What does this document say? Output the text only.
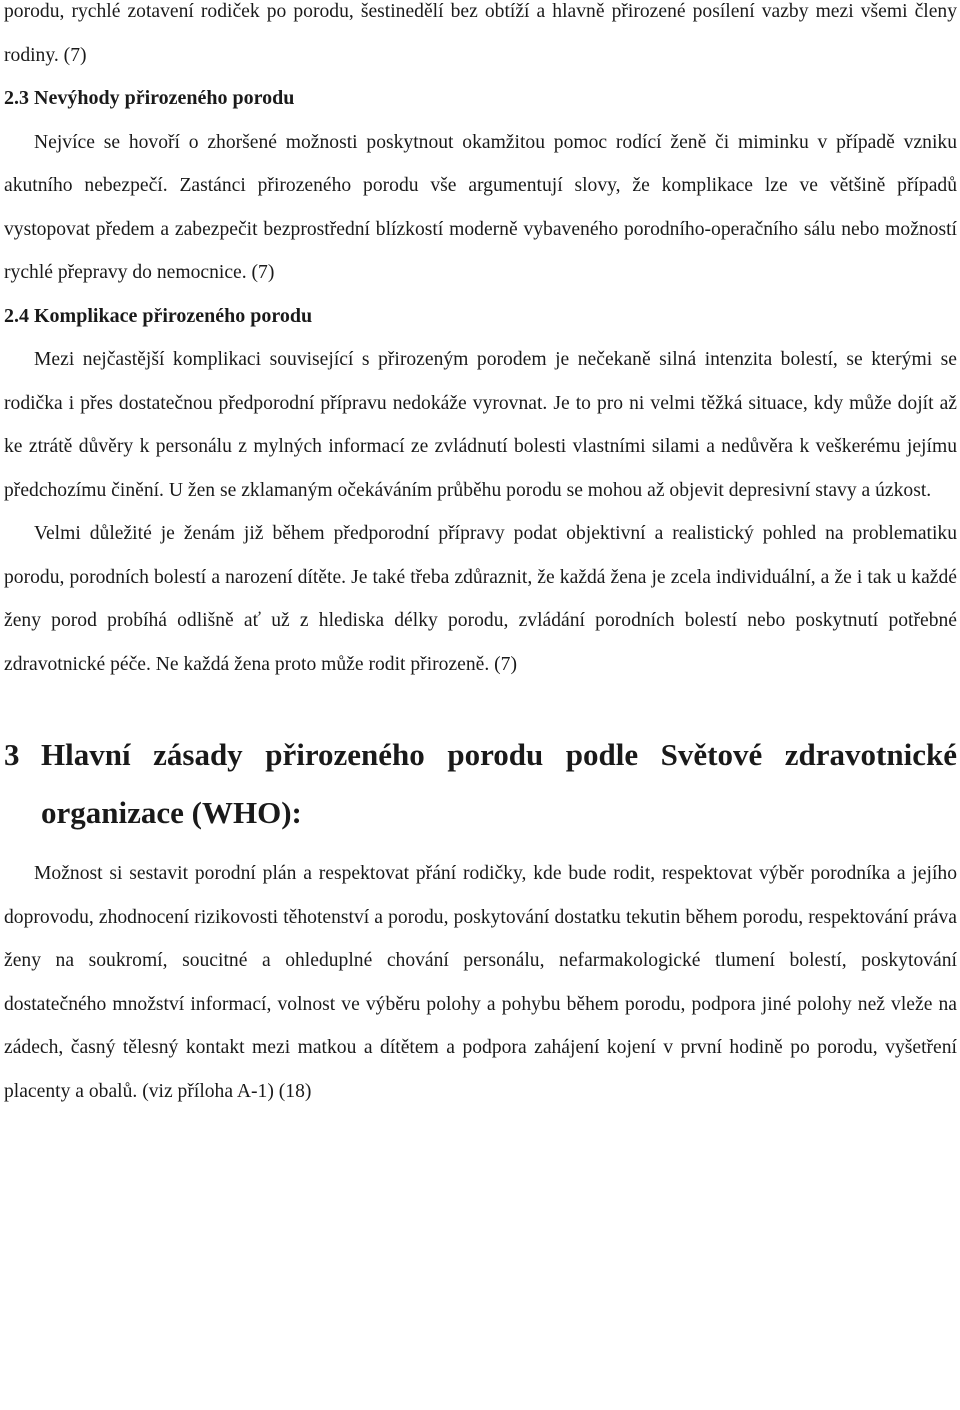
porodu, rychlé zotavení rodiček po porodu, šestinedělí bez obtíží a hlavně přirozené posílení vazby mezi všemi členy rodiny. (7)

2.3 Nevýhody přirozeného porodu

Nejvíce se hovoří o zhoršené možnosti poskytnout okamžitou pomoc rodící ženě či miminku v případě vzniku akutního nebezpečí. Zastánci přirozeného porodu vše argumentují slovy, že komplikace lze ve většině případů vystopovat předem a zabezpečit bezprostřední blízkostí moderně vybaveného porodního-operačního sálu nebo možností rychlé přepravy do nemocnice. (7)

2.4 Komplikace přirozeného porodu

Mezi nejčastější komplikaci související s přirozeným porodem je nečekaně silná intenzita bolestí, se kterými se rodička i přes dostatečnou předporodní přípravu nedokáže vyrovnat. Je to pro ni velmi těžká situace, kdy může dojít až ke ztrátě důvěry k personálu z mylných informací ze zvládnutí bolesti vlastními silami a nedůvěra k veškerému jejímu předchozímu činění. U žen se zklamaným očekáváním průběhu porodu se mohou až objevit depresivní stavy a úzkost.

Velmi důležité je ženám již během předporodní přípravy podat objektivní a realistický pohled na problematiku porodu, porodních bolestí a narození dítěte. Je také třeba zdůraznit, že každá žena je zcela individuální, a že i tak u každé ženy porod probíhá odlišně ať už z hlediska délky porodu, zvládání porodních bolestí nebo poskytnutí potřebné zdravotnické péče. Ne každá žena proto může rodit přirozeně. (7)

3 Hlavní zásady přirozeného porodu podle Světové zdravotnické organizace (WHO):

Možnost si sestavit porodní plán a respektovat přání rodičky, kde bude rodit, respektovat výběr porodníka a jejího doprovodu, zhodnocení rizikovosti těhotenství a porodu, poskytování dostatku tekutin během porodu, respektování práva ženy na soukromí, soucitné a ohleduplné chování personálu, nefarmakologické tlumení bolestí, poskytování dostatečného množství informací, volnost ve výběru polohy a pohybu během porodu, podpora jiné polohy než vleže na zádech, časný tělesný kontakt mezi matkou a dítětem a podpora zahájení kojení v první hodině po porodu, vyšetření placenty a obalů. (viz příloha A-1) (18)
